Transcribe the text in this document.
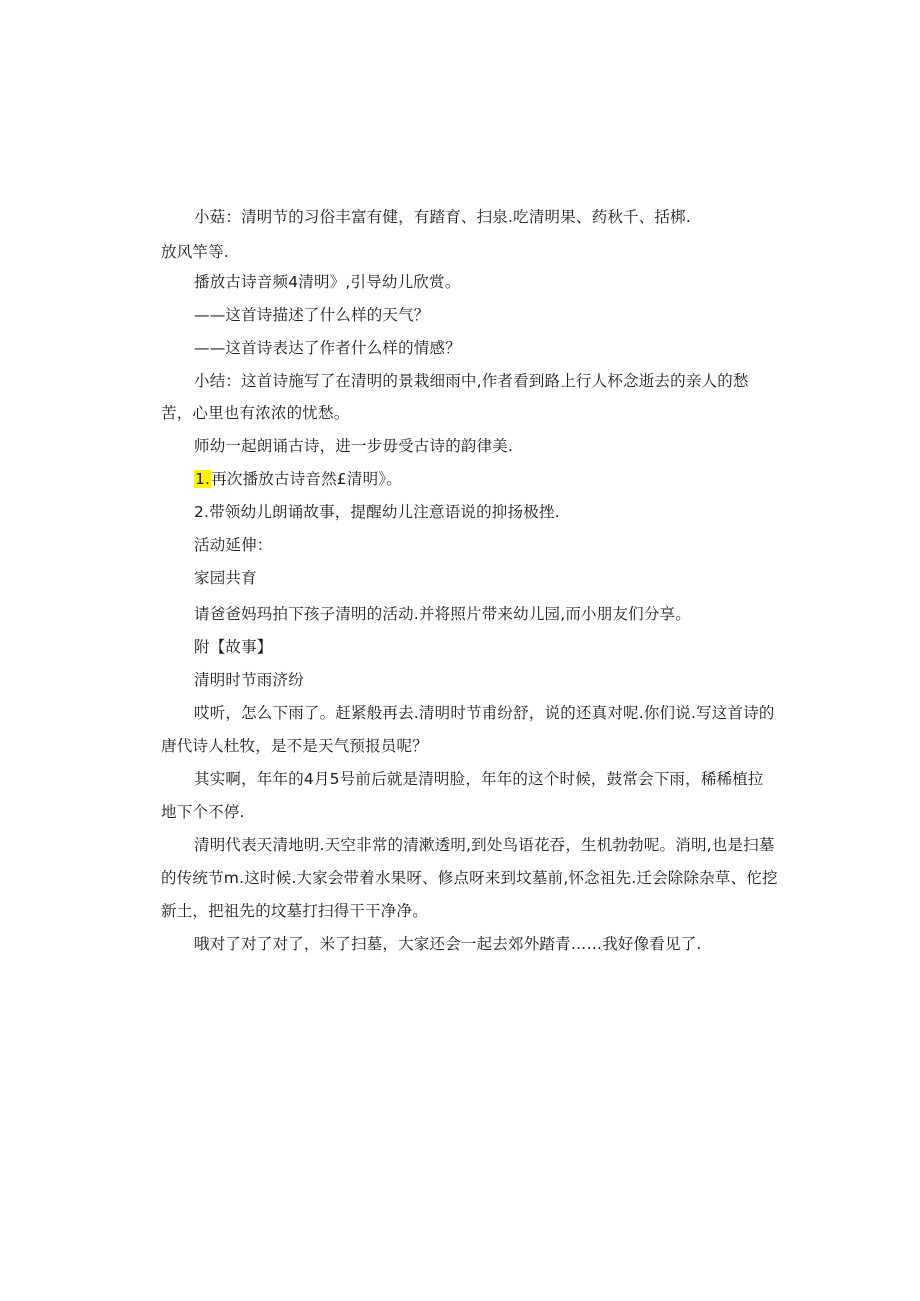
小菇：清明节的习俗丰富有健，有踏育、扫泉.吃清明果、药秋千、括梆.
放风竿等.
播放古诗音频4清明》,引导幼儿欣赏。
——这首诗描述了什么样的天气？
——这首诗表达了作者什么样的情感？
小结：这首诗施写了在清明的景栽细雨中,作者看到路上行人杯念逝去的亲人的愁
苦，心里也有浓浓的忧愁。
师幼一起朗诵古诗，进一步毋受古诗的韵律美.
1.再次播放古诗音然£清明》。
2.带领幼儿朗诵故事，提醒幼儿注意语说的抑扬极挫.
活动延伸：
家园共育
请爸爸妈玛拍下孩子清明的活动.并将照片带来幼儿园,而小朋友们分享。
附【故事】
清明时节雨济纷
哎听，怎么下雨了。赶紧般再去.清明时节甫纷舒，说的还真对呢.你们说.写这首诗的
唐代诗人杜牧，是不是天气预报员呢？
其实啊，年年的4月5号前后就是清明脸，年年的这个时候，鼓常会下雨，稀稀植拉
地下个不停.
清明代表天清地明.天空非常的清漱透明,到处鸟语花吞，生机勃勃呢。消明,也是扫墓
的传统节m.这时候.大家会带着水果呀、修点呀来到坟墓前,怀念祖先.迁会除除杂草、佗挖
新土，把祖先的坟墓打扫得干干净净。
哦对了对了对了，米了扫墓，大家还会一起去郊外踏青……我好像看见了.
